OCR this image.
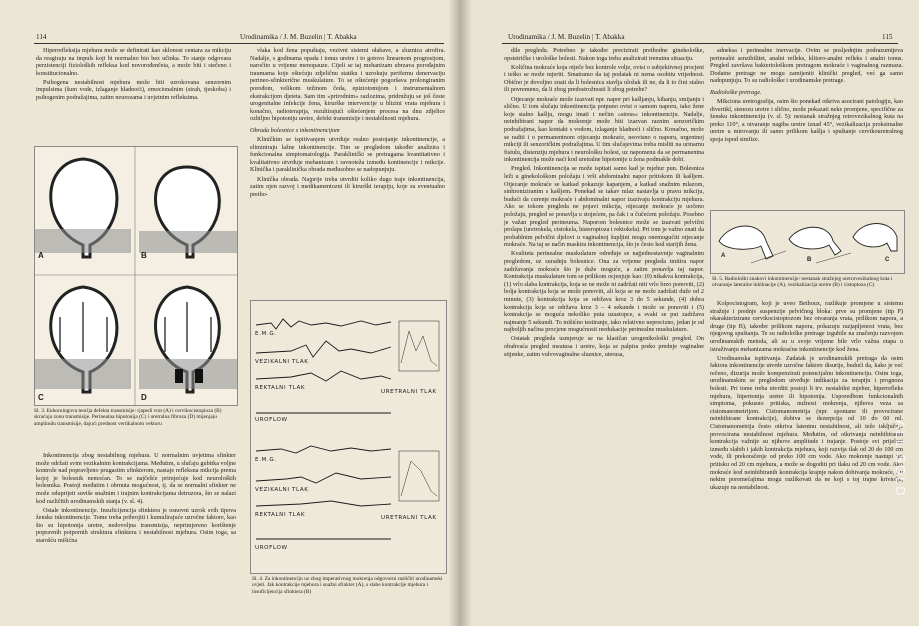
114	Urodinamika / J. M. Buzelin | T. Abakka

Hiperrefleksija mjehura može se definirati kao sklonost centara za mikciju da reagiraju na impuls koji bi normalno bio bez učinka. To stanje odgovara perzistenciji fizioloških refleksa kod novorođenčeta, a može biti i stečeno i konstitucionalno.

Psihogena nestabilnost mjehura može biti uzrokovana senzornim impulsima (šum vode, izlaganje hladnoći), emocionalnim (strah, tjeskoba) i psihogenim podražajima, zatim neurozama i uvjetnim refleksima.

vlaka kod žena popuštaju, vezivni sistemi olabave, a sluznica atrofira. Nadalje, s godinama opada i tonus uretre i to gotovo linearnom progresijom, naročito u vrijeme menopauze. Cijeli se taj mehanizam ubrzava porođajnim traumama koje oštećuju zdjeličnu statiku i uzrokuju perifernu denervaciju perineo-sfinkterične muskulature. To se oštećenje pogoršava prolongiranim porođom, velikom težinom čeda, epiziotomijom i instrumentalnom ekstrakcijom djeteta. Sam tim »prirodnim« razlozima, pridružuju se još česte urogenitalne infekcije žena, kirurške intervencije u blizini vrata mjehura i konačno, radioterapija, rezultirajući oštećenjem procesa na dnu zdjelice ozbiljno hipotoniju uretre, defekt transmisije i nestabilnosti mjehura.

Obrada bolesnice s inkontinencijom

Kliničkim se ispitivanjem utvrđuje realno postojanje inkontinencije, a eliminiraju lažne inkontinencije. Tim se pregledom također analizira i funkcionalna simptomatologija. Paraklinički se pretragama kvantitativno i kvalitativno utvrđuje mehanizam i ravnoteža između kontinencije i mikcije. Klinička i paraklinička obrada međusobno se nadopunjuju.

Klinička obrada. Najprije treba utvrditi koliko dugo traje inkontinencija, zatim njen razvoj i medikamentozni ili kirurški terapiju, koje su eventualno pretho-

A	B
C	D
Sl. 3. Enhorningova teorija defekta transmisije: rjapedi vrat (A) i cervikocistopioza (B) skraćuju zonu transmisije. Perinealna hipotonija (C) i uretralna fibroza (D) mijenjaju amplitudu transmisije, dajući prednost vertikalnom vektoru

Inkontinencija zbog nestabilnog mjehura. U normalnim uvjetima sfinkter može održati svim vezikalnim kontrakcijama. Međutim, u slučaju gubitka voljne kontrole nad popravljeno prugastim sfinkterom, nastaje refleksna mikcija prema kojoj je bolesnik nemoćan. To se najčešće primjećuje kod neuroloških bolesnika. Postoji međutim i obrnuta mogućnost, tj. da se normalni sfinkter ne može oduprijeti suviše snažnim i trajnim kontrakcijama detruzora, što se nalazi kod različitih urodinamskih stanja (v. sl. 4).

Ostale inkontinencije. Insuficijencija sfinktera je osnovni uzrok svih tipova ženske inkontinencije. Tome treba pribrojiti i kumulirajuće uzročne faktore, kao što su hipotonija uretre, nedovoljna transmisija, neprimjereno korištenje popravnih potpornih struktura sfinktera i nestabilnost mjehura. Osim toga, sa starošću mišićna

E.M.G.
VEZIKALNI TLAK
REKTALNI TLAK
UROFLOW
URETRALNI TLAK
E.M.G.
VEZIKALNI TLAK
REKTALNI TLAK
UROFLOW
URETRALNI TLAK
Sl. 4. Za inkontinenciju uz zbog imperativnog mokrenja odgovorni različiti urodinamski uvjeti. Jak kontrakcije mjehura i snažni sfinkter (A), s slabe kontrakcije mjehura i insuficijencija sfinktera (B)
Urodinamika / J. M. Buzelin | T. Abakka	115

dile pregledu. Potrebno je također precizirati prethodne ginekološke, opstetričke i urološke bolesti. Nakon toga treba analizirati trenutnu situaciju.

Količina mokraće koja otječe bez kontrole volje, ovisi o subjektivnoj procjeni i teško se može mjeriti. Smatramo da taj podatak ni nema osobitu vrijednost. Obično je dovoljno znati da li bolesnica stavlja uložak ili ne, da li to čini stalno ili povremeno, da li zbog predostrožnosti li zbog potrebe?

Otjecanje mokraće može izazvati npr. napor pri kašljanju, kihanju, smijanju i slično. U tom slučaju inkontinencija potpuno ovisi o samom naporu, iako žene koje stalno kašlju, mogu imati i nečim »stress« inkontinenciju. Nadalje, neinhibirani napor da mokrenje može biti izazvan raznim senzoričkim podražajima, kao kontakt s vodom, izlaganje hladnoći i slično. Konačno, može se raditi i o permanentnom otjecanju mokraće, neovisno o naporu, urgentnoj mikciji ili senzoričkim podražajima. U tim slučajevima treba misliti na urinarnu fistulu, distenziju mjehura i neurološku bolest, uz napomenu da se permanentna inkontinencija može naći kod uretralne hipotonije u žena podmakle dobi.

Pregled. Inkontinencija se može ispitati samo kad je mjehur pun. Bolesnica leži u ginekološkom položaju i vrši abdominalni napor pritiskom ili kašljem. Otjecanje mokraće se katkad pokazuje kapanjem, a katkad snažnim mlazom, sinhroniziranim s kašljem. Ponekad se takav mlaz nastavlja u pravu mikciju, budući da curenje mokraće i abdominalni napor izazivaju kontrakciju mjehura. Ako se tokom pregleda ne pojavi mikcija, otjecanje mokraće je uočeno položaju, pregled se ponavlja u stojećem, pa čak i u čučećem položaju. Posebno je važan pregled perineuma. Naporom bolesnice može se izazvati pelvični prolaps (uretrokela, cistokela, histeroptoza i rektokela). Pri tom je važno znati da probablnim pelvični djelovi u vaginalnoj šupljini mogu onemogućiti otjecanje mokraće. Na taj se način maskira inkontinencija, što je često kod starijih žena.

Kvaliteta perinealne muskulature određuje se najjednostavnije vaginalnim pregledom, uz suradnju bolesnice. Ona za vrijeme pregleda imitira napor zadržavanja mokraće što je duže moguće, a zatim ponavlja taj napor. Kontrakcija muskulature tom se prilikom ocjenjuje kao: (0) nikakva kontrakcija, (1) vrlo slaba kontrakcija, koja se ne može ni zadržati niti vrlo brzo ponoviti, (2) bolja kontrakcija koja se može ponoviti, ali koja se ne može zadržati duže od 2 minute, (3) kontrakcija koja se održava kroz 3 do 5 sekunde, (4) dobra kontrakcija koja se održava kroz 3 – 4 sekunde i može se ponoviti i (5) kontrakcija se moguća nekoliko puta uzastopce, a svaki se put zadržava najmanje 5 sekundi. To mišićno testiranje, iako relativno nepreciznо, jedan je od najboljih načina procjene mogućnosti reedukacije perinealne muskulature.

Ostatak pregleda usmjeruje se na klasičan urogenikološki pregled. On obuhvaća pregled meatusa i uretre, koja se palpira preko prednje vaginalne stijenke, zatim vulvovaginalne sluznice, uterusa,

adneksa i perinealne inervacije. Ovim se posljednjim podrazumijeva perinealni senzibilitet, analni refleks, klitoro-analni refleks i analni tonus. Pregled završava bakteriološkom pretragom mokraće i vaginalnog razmaza. Dodatne pretrage ne mogu zamijeniti klinički pregled, već ga samo nadopunjuju. To su radiološke i urodinamske pretrage.

Radiološke pretrage.

Mikciona uretrografija, osim što ponekad otkriva asocirani patologiju, kao divertikl, stenozu uretre i slično, može pokazati neke promjene, specifične za žensku inkontinenciju (v. sl. 5): nestanak stražnjeg retrovezikalnog kuta na preko 110°, a otvaranje nagiba uretre iznad 45°, vezikalizacija proksimalne uretre u mirovanju ili samo prilikom kašlja i spuštanje cervikouretralnog spoja ispod simfize.

A
B	C
Sl. 5. Radiološki znakovi inkontinencije: nestanak stražnjeg uretrovezikalnog kuta i otvaranje lateralne inklinacije (A), vezikalizacija uretre (B) i cistoptoza (C)

Kolpocistogram, koji je uveo Bethoux, razlikuje promjene u sistemu stražnje i prednje suspenzije pelvičnog bloka: prve su promjene (tip P) okarakterizirane cervikocistoptozom bez otvaranja vrata, prilikom napora, a druge (tip B), također prilikom napora, pokazuju razjapljenost vrata, bez njegovog spuštanja. Te su radiološke pretrage izgubile na značenju razvojem urodinamskih metoda, ali su u svoje vrijeme bile vrlo važna etapa u istraživanju mehanizama mokraćne inkontinencije kod žena.

Urodinamska ispitivanja. Zadatak je urodinamskih pretraga da osim faktora inkontinencije utvrde uzročne faktore disurije, budući da, kako je već rečeno, dizurija može kompenzirati potencijalnu inkontinenciju. Osim toga, urodinamskim se pregledom utvrđuje indikacija za terapiju i prognoza bolesti. Pri tome treba utvrditi postoji li trv. nestabilni mjehur, hiperrefleks mjehura, hipertonija uretre ili hipotonija. Usporedbom funkcionalnih simptoma, pokusno pritiska, nužnost mokrenja, njihova veza sa cistomanometrijom. Cistomanometrija (npr. spontane ili provocirane neinhibirane kontrakcije), dobiva se dezerpcija od 10 do 60 ml. Cistomanometrija često otkriva latentnu nestabilnost, ali teže isključuje provocirana nestabilnost mjehura. Međutim, od otkrivanja neinhibiranih kontrakcija važnije su njihove amplitude i trajanje. Postoje svi prijelazi između slabih i jakih kontrakcija mjehura, koji razvija tlak od 20 do 100 cm vode, ili prekoračenje od preko 100 cm vode. Ako mokrenje nastupi pri pritisku od 20 cm mjehura, a može se dogoditi pri tlaku od 20 cm vode. Ako mokraće kod neinhibiranih kontrakcija krajnje nakon dobivanja mokraće, i u nekim poremećajima mogu razlikovati da ne koji s toj trajne kriviolje, ukazuje na nestabilnost.	ALL SOLD
